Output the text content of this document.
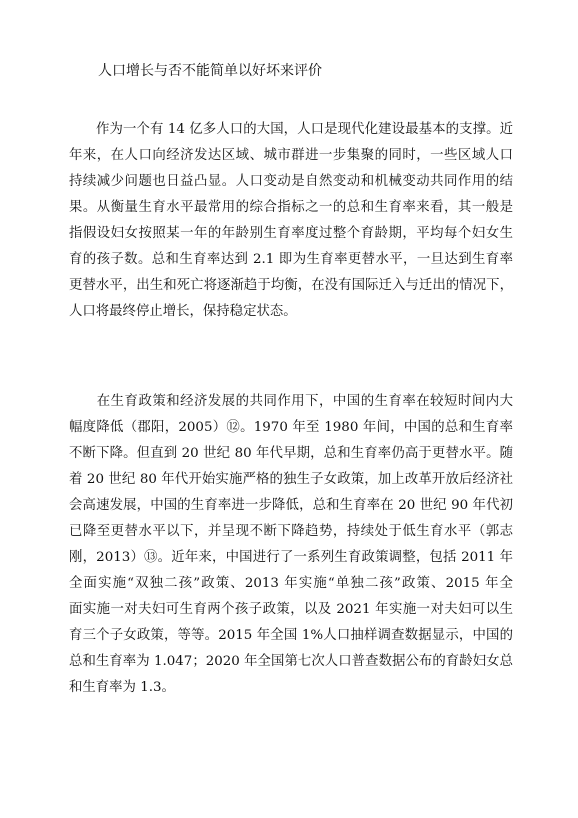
人口增长与否不能简单以好坏来评价
　　作为一个有 14 亿多人口的大国，人口是现代化建设最基本的支撑。近
年来，在人口向经济发达区域、城市群进一步集聚的同时，一些区域人口
持续减少问题也日益凸显。人口变动是自然变动和机械变动共同作用的结
果。从衡量生育水平最常用的综合指标之一的总和生育率来看，其一般是
指假设妇女按照某一年的年龄别生育率度过整个育龄期，平均每个妇女生
育的孩子数。总和生育率达到 2.1 即为生育率更替水平，一旦达到生育率
更替水平，出生和死亡将逐渐趋于均衡，在没有国际迁入与迁出的情况下，
人口将最终停止增长，保持稳定状态。
　　在生育政策和经济发展的共同作用下，中国的生育率在较短时间内大
幅度降低（郡阳，2005）⑫。1970 年至 1980 年间，中国的总和生育率
不断下降。但直到 20 世纪 80 年代早期，总和生育率仍高于更替水平。随
着 20 世纪 80 年代开始实施严格的独生子女政策，加上改革开放后经济社
会高速发展，中国的生育率进一步降低，总和生育率在 20 世纪 90 年代初
已降至更替水平以下，并呈现不断下降趋势，持续处于低生育水平（郭志
刚，2013）⑬。近年来，中国进行了一系列生育政策调整，包括 2011 年
全面实施“双独二孩”政策、2013 年实施“单独二孩”政策、2015 年全
面实施一对夫妇可生育两个孩子政策，以及 2021 年实施一对夫妇可以生
育三个子女政策，等等。2015 年全国 1%人口抽样调查数据显示，中国的
总和生育率为 1.047；2020 年全国第七次人口普查数据公布的育龄妇女总
和生育率为 1.3。
